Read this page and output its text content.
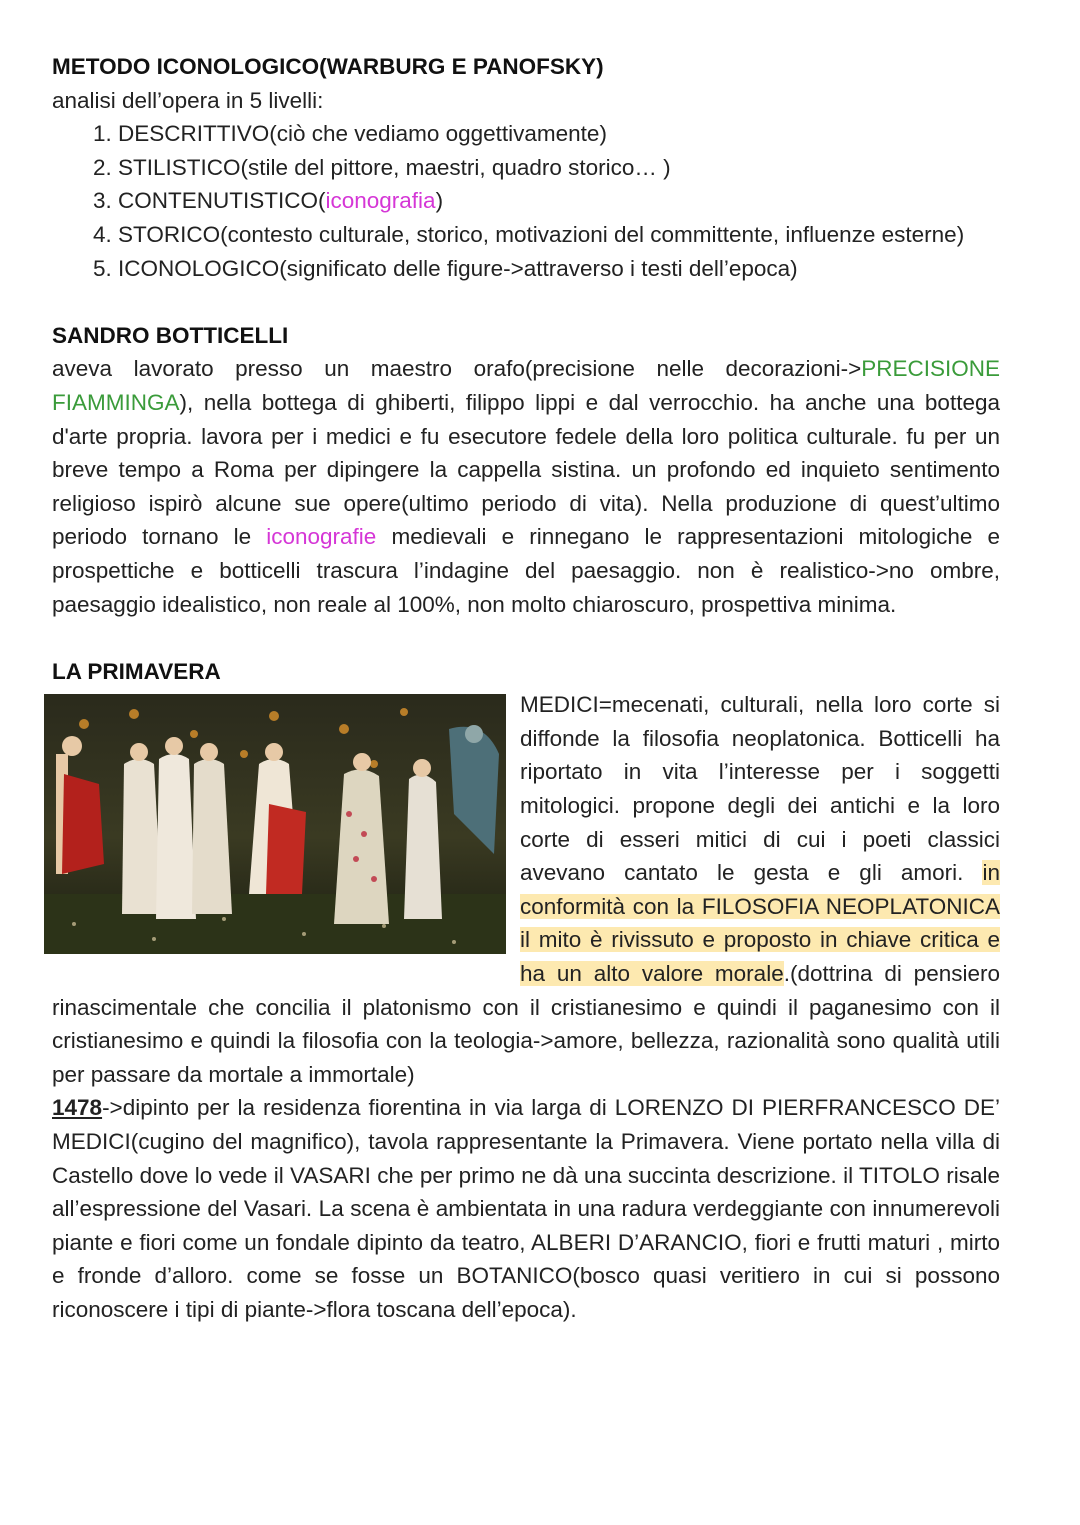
METODO ICONOLOGICO(WARBURG E PANOFSKY)

analisi dell’opera in 5 livelli:

1. DESCRITTIVO(ciò che vediamo oggettivamente)
2. STILISTICO(stile del pittore, maestri, quadro storico… )
3. CONTENUTISTICO(iconografia)
4. STORICO(contesto culturale, storico, motivazioni del committente, influenze esterne)
5. ICONOLOGICO(significato delle figure->attraverso i testi dell’epoca)
SANDRO BOTTICELLI

aveva lavorato presso un maestro orafo(precisione nelle decorazioni->PRECISIONE FIAMMINGA), nella bottega di ghiberti, filippo lippi e dal verrocchio. ha anche una bottega d'arte propria. lavora per i medici e fu esecutore fedele della loro politica culturale. fu per un breve tempo a Roma per dipingere la cappella sistina. un profondo ed inquieto sentimento religioso ispirò alcune sue opere(ultimo periodo di vita). Nella produzione di quest’ultimo periodo tornano le iconografie medievali e rinnegano le rappresentazioni mitologiche e prospettiche e botticelli trascura l’indagine del paesaggio. non è realistico->no ombre, paesaggio idealistico, non reale al 100%, non molto chiaroscuro, prospettiva minima.

LA PRIMAVERA

MEDICI=mecenati, culturali, nella loro corte si diffonde la filosofia neoplatonica. Botticelli ha riportato in vita l’interesse per i soggetti mitologici. propone degli dei antichi e la loro corte di esseri mitici di cui i poeti classici avevano cantato le gesta e gli amori. in conformità con la FILOSOFIA NEOPLATONICA il mito è rivissuto e proposto in chiave critica e ha un alto valore morale.(dottrina di pensiero rinascimentale che concilia il platonismo con il cristianesimo e quindi il paganesimo con il cristianesimo e quindi la filosofia con la teologia->amore, bellezza, razionalità sono qualità utili per passare da mortale a immortale)

1478->dipinto per la residenza fiorentina in via larga di LORENZO DI PIERFRANCESCO DE’ MEDICI(cugino del magnifico), tavola rappresentante la Primavera. Viene portato nella villa di Castello dove lo vede il VASARI che per primo ne dà una succinta descrizione. il TITOLO risale all’espressione del Vasari. La scena è ambientata in una radura verdeggiante con innumerevoli piante e fiori come un fondale dipinto da teatro, ALBERI D’ARANCIO, fiori e frutti maturi , mirto e fronde d’alloro. come se fosse un BOTANICO(bosco quasi veritiero in cui si possono riconoscere i tipi di piante->flora toscana dell’epoca).
